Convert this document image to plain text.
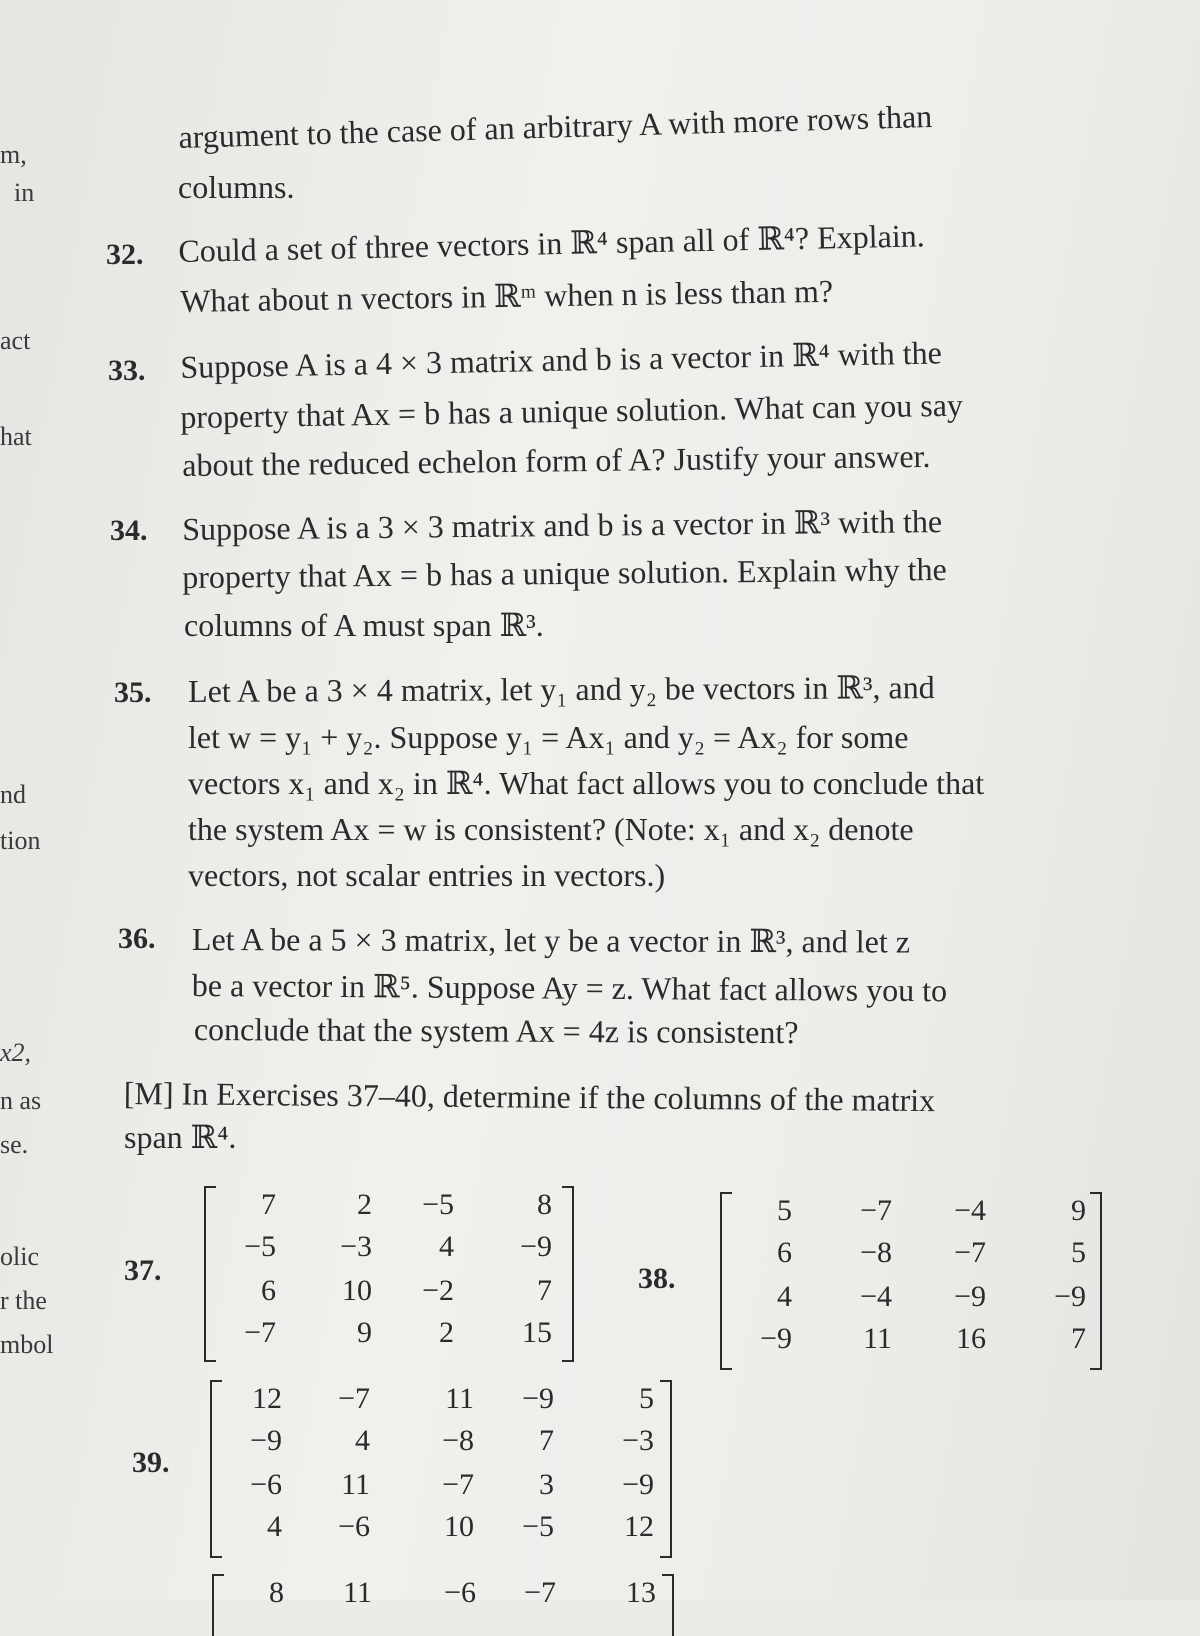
m,
in
act
hat
nd
tion
x2,
n as
se.
olic
r the
mbol
argument to the case of an arbitrary A with more rows than
columns.
32. Could a set of three vectors in ℝ⁴ span all of ℝ⁴? Explain.
What about n vectors in ℝᵐ when n is less than m?
33. Suppose A is a 4 × 3 matrix and b is a vector in ℝ⁴ with the
property that Ax = b has a unique solution. What can you say
about the reduced echelon form of A? Justify your answer.
34. Suppose A is a 3 × 3 matrix and b is a vector in ℝ³ with the
property that Ax = b has a unique solution. Explain why the
columns of A must span ℝ³.
35. Let A be a 3 × 4 matrix, let y₁ and y₂ be vectors in ℝ³, and
let w = y₁ + y₂. Suppose y₁ = Ax₁ and y₂ = Ax₂ for some
vectors x₁ and x₂ in ℝ⁴. What fact allows you to conclude that
the system Ax = w is consistent? (Note: x₁ and x₂ denote
vectors, not scalar entries in vectors.)
36. Let A be a 5 × 3 matrix, let y be a vector in ℝ³, and let z
be a vector in ℝ⁵. Suppose Ay = z. What fact allows you to
conclude that the system Ax = 4z is consistent?
[M] In Exercises 37–40, determine if the columns of the matrix
span ℝ⁴.
37.
7	2	−5	8
−5	−3	4	−9
6	10	−2	7
−7	9	2	15
38.
5	−7	−4	9
6	−8	−7	5
4	−4	−9	−9
−9	11	16	7
39.
12	−7	11	−9	5
−9	4	−8	7	−3
−6	11	−7	3	−9
4	−6	10	−5	12
8	11	−6	−7	13
